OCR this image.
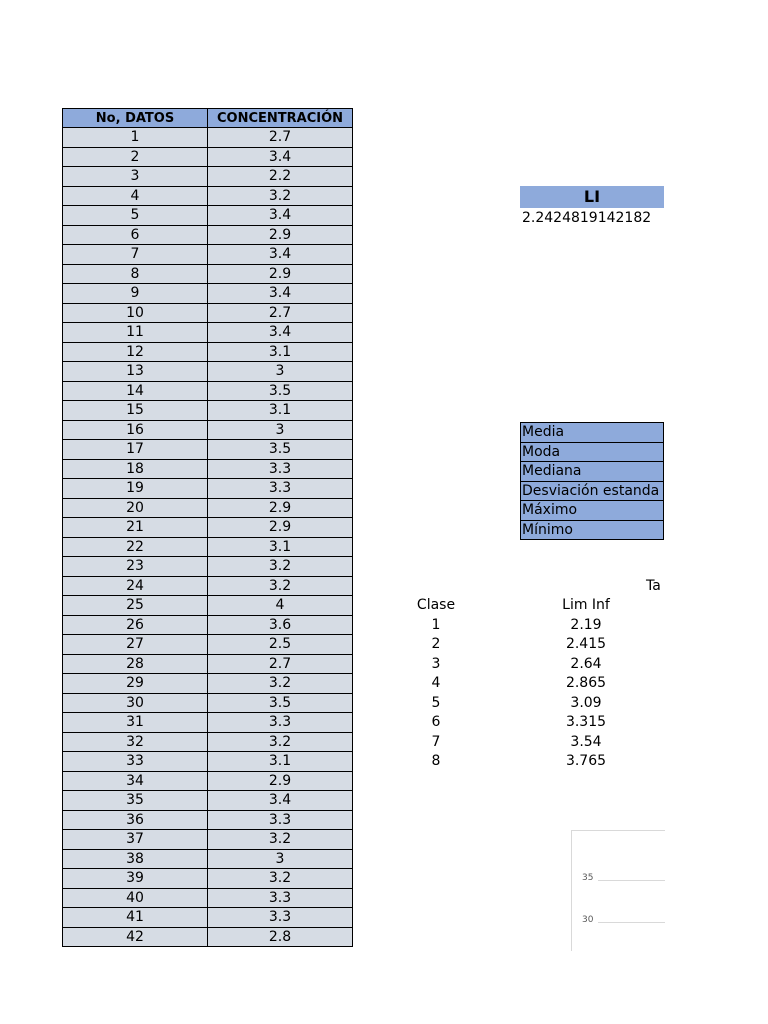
No, DATOS	CONCENTRACIÓN
1	2.7
2	3.4
3	2.2
4	3.2
5	3.4
6	2.9
7	3.4
8	2.9
9	3.4
10	2.7
11	3.4
12	3.1
13	3
14	3.5
15	3.1
16	3
17	3.5
18	3.3
19	3.3
20	2.9
21	2.9
22	3.1
23	3.2
24	3.2
25	4
26	3.6
27	2.5
28	2.7
29	3.2
30	3.5
31	3.3
32	3.2
33	3.1
34	2.9
35	3.4
36	3.3
37	3.2
38	3
39	3.2
40	3.3
41	3.3
42	2.8
LI
2.2424819142182
Media
Moda
Mediana
Desviación estanda
Máximo
Mínimo
Ta
Clase	Lim Inf
1	2.19
2	2.415
3	2.64
4	2.865
5	3.09
6	3.315
7	3.54
8	3.765
35
30
